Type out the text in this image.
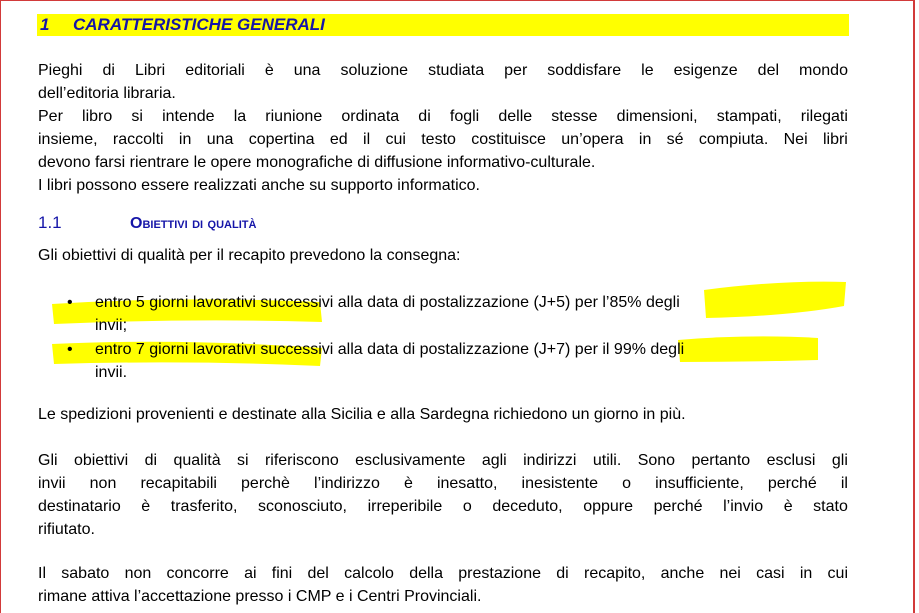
1 CARATTERISTICHE GENERALI
Pieghi di Libri editoriali è una soluzione studiata per soddisfare le esigenze del mondo
dell’editoria libraria.
Per libro si intende la riunione ordinata di fogli delle stesse dimensioni, stampati, rilegati
insieme, raccolti in una copertina ed il cui testo costituisce un’opera in sé compiuta. Nei libri
devono farsi rientrare le opere monografiche di diffusione informativo-culturale.
I libri possono essere realizzati anche su supporto informatico.
1.1	Obiettivi di qualità
Gli obiettivi di qualità per il recapito prevedono la consegna:
• entro 5 giorni lavorativi successivi alla data di postalizzazione (J+5) per l’85% degli
invii;
• entro 7 giorni lavorativi successivi alla data di postalizzazione (J+7) per il 99% degli
invii.
Le spedizioni provenienti e destinate alla Sicilia e alla Sardegna richiedono un giorno in più.
Gli obiettivi di qualità si riferiscono esclusivamente agli indirizzi utili. Sono pertanto esclusi gli
invii non recapitabili perchè l’indirizzo è inesatto, inesistente o insufficiente, perché il
destinatario è trasferito, sconosciuto, irreperibile o deceduto, oppure perché l’invio è stato
rifiutato.
Il sabato non concorre ai fini del calcolo della prestazione di recapito, anche nei casi in cui
rimane attiva l’accettazione presso i CMP e i Centri Provinciali.
